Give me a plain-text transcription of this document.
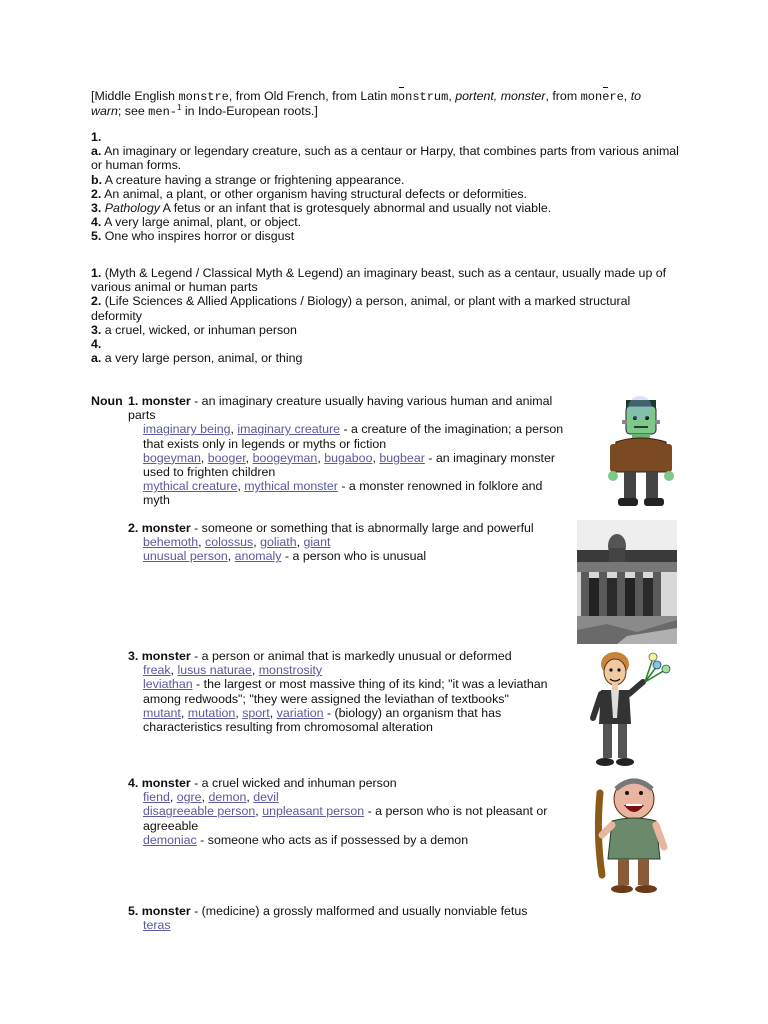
[Middle English monstre, from Old French, from Latin monstrum, portent, monster, from monere, to
warn; see men-$^1$ in Indo-European roots.]
1.
a. An imaginary or legendary creature, such as a centaur or Harpy, that combines parts from various animal or human forms.
b. A creature having a strange or frightening appearance.
2. An animal, a plant, or other organism having structural defects or deformities.
3. Pathology A fetus or an infant that is grotesquely abnormal and usually not viable.
4. A very large animal, plant, or object.
5. One who inspires horror or disgust
1. (Myth & Legend / Classical Myth & Legend) an imaginary beast, such as a centaur, usually made up of various animal or human parts
2. (Life Sciences & Allied Applications / Biology) a person, animal, or plant with a marked structural deformity
3. a cruel, wicked, or inhuman person
4.
a. a very large person, animal, or thing
Noun 1. monster - an imaginary creature usually having various human and animal parts
imaginary being, imaginary creature - a creature of the imagination; a person that exists only in legends or myths or fiction
bogeyman, booger, boogeyman, bugaboo, bugbear - an imaginary monster used to frighten children
mythical creature, mythical monster - a monster renowned in folklore and myth
2. monster - someone or something that is abnormally large and powerful
behemoth, colossus, goliath, giant
unusual person, anomaly - a person who is unusual
3. monster - a person or animal that is markedly unusual or deformed
freak, lusus naturae, monstrosity
leviathan - the largest or most massive thing of its kind; "it was a leviathan among redwoods"; "they were assigned the leviathan of textbooks"
mutant, mutation, sport, variation - (biology) an organism that has characteristics resulting from chromosomal alteration
4. monster - a cruel wicked and inhuman person
fiend, ogre, demon, devil
disagreeable person, unpleasant person - a person who is not pleasant or agreeable
demoniac - someone who acts as if possessed by a demon
5. monster - (medicine) a grossly malformed and usually nonviable fetus
teras
